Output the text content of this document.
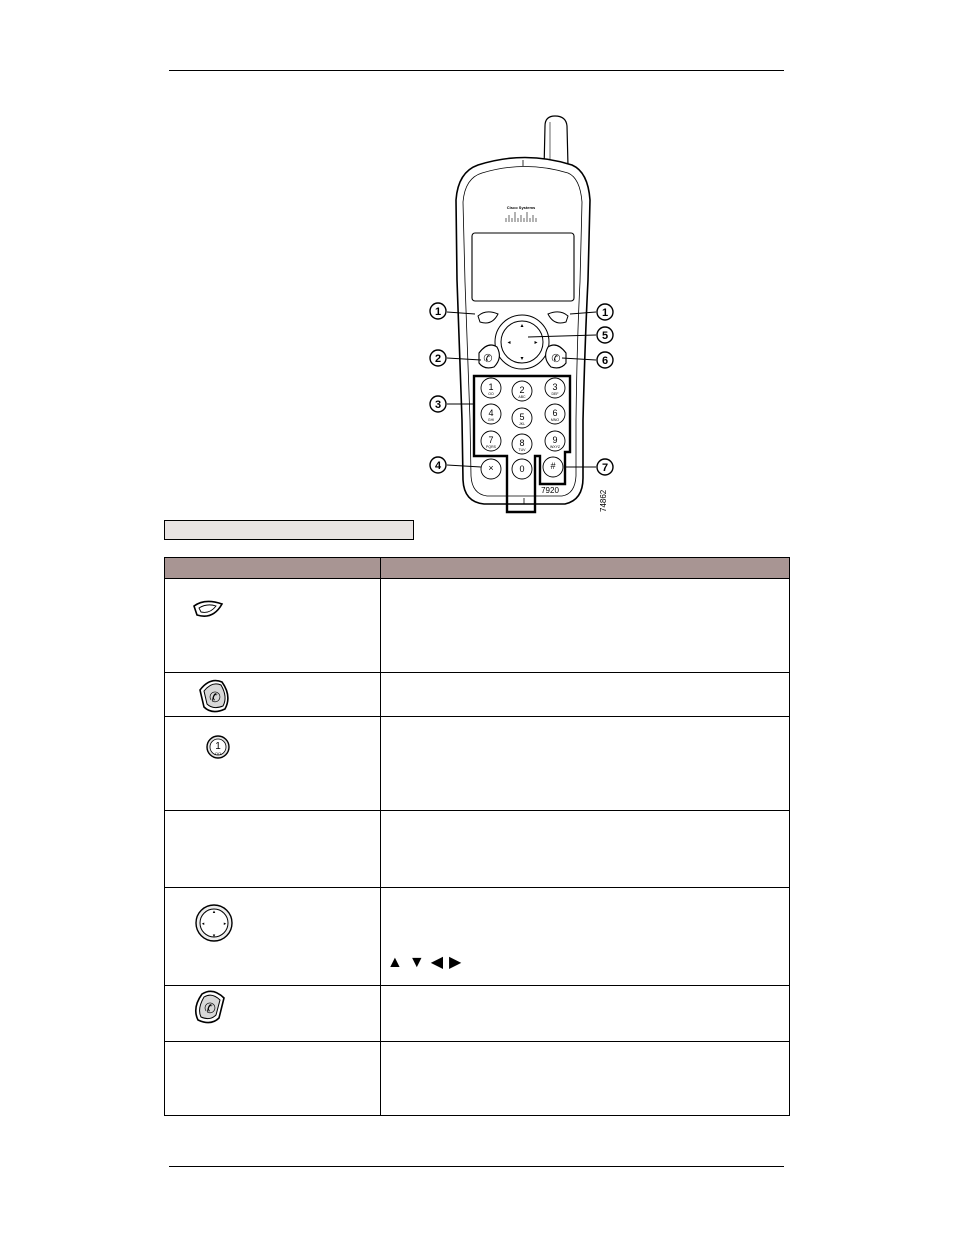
Cisco Systems
▴
▾
◂	▸
✆	✆
1
OO	2
ABC
3
DEF
4
GHI	5
JKL
6
MNO
7
PQRS	8
TUV
9
WXYZ
0	#
×
7920	74862
1	1
5
2	6
3
4	7

✆	

1
OO	

▴
▾
◂ ▸	▲ ▼ ◀ ▶

✆	
